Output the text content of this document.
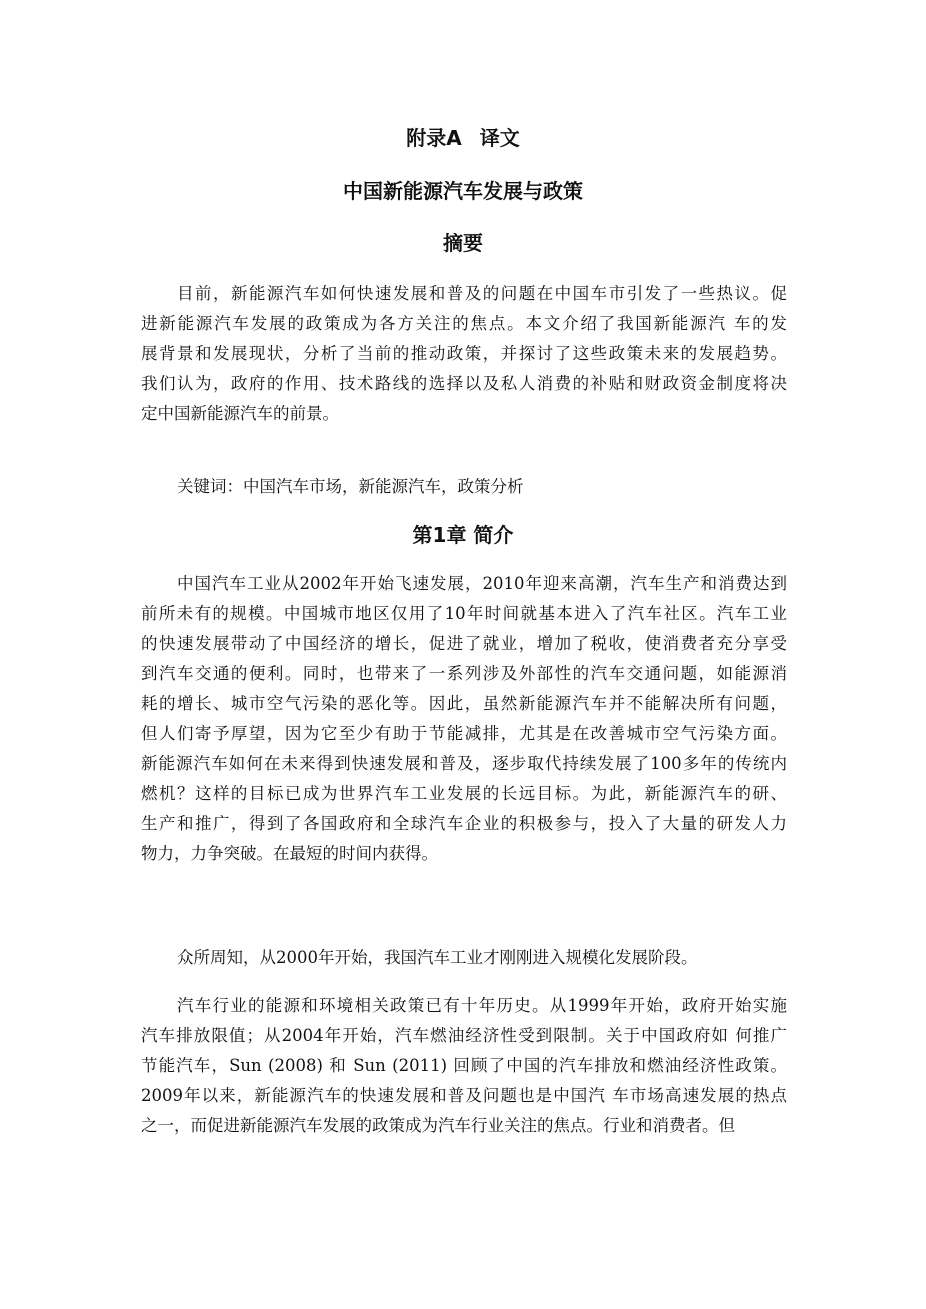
附录A 译文
中国新能源汽车发展与政策
摘要
目前，新能源汽车如何快速发展和普及的问题在中国车市引发了一些热议。促
进新能源汽车发展的政策成为各方关注的焦点。本文介绍了我国新能源汽 车的发
展背景和发展现状，分析了当前的推动政策，并探讨了这些政策未来的发展趋势。
我们认为，政府的作用、技术路线的选择以及私人消费的补贴和财政资金制度将决
定中国新能源汽车的前景。

关键词：中国汽车市场，新能源汽车，政策分析

第1章 简介
中国汽车工业从2002年开始飞速发展，2010年迎来高潮，汽车生产和消费达到
前所未有的规模。中国城市地区仅用了10年时间就基本进入了汽车社区。汽车工业
的快速发展带动了中国经济的增长，促进了就业，增加了税收，使消费者充分享受
到汽车交通的便利。同时，也带来了一系列涉及外部性的汽车交通问题，如能源消
耗的增长、城市空气污染的恶化等。因此，虽然新能源汽车并不能解决所有问题，
但人们寄予厚望，因为它至少有助于节能减排，尤其是在改善城市空气污染方面。
新能源汽车如何在未来得到快速发展和普及，逐步取代持续发展了100多年的传统内
燃机？这样的目标已成为世界汽车工业发展的长远目标。为此，新能源汽车的研、
生产和推广，得到了各国政府和全球汽车企业的积极参与，投入了大量的研发人力
物力，力争突破。在最短的时间内获得。
众所周知，从2000年开始，我国汽车工业才刚刚进入规模化发展阶段。
汽车行业的能源和环境相关政策已有十年历史。从1999年开始，政府开始实施
汽车排放限值；从2004年开始，汽车燃油经济性受到限制。关于中国政府如 何推广
节能汽车，Sun (2008) 和 Sun (2011) 回顾了中国的汽车排放和燃油经济性政策。
2009年以来，新能源汽车的快速发展和普及问题也是中国汽 车市场高速发展的热点
之一，而促进新能源汽车发展的政策成为汽车行业关注的焦点。行业和消费者。但
